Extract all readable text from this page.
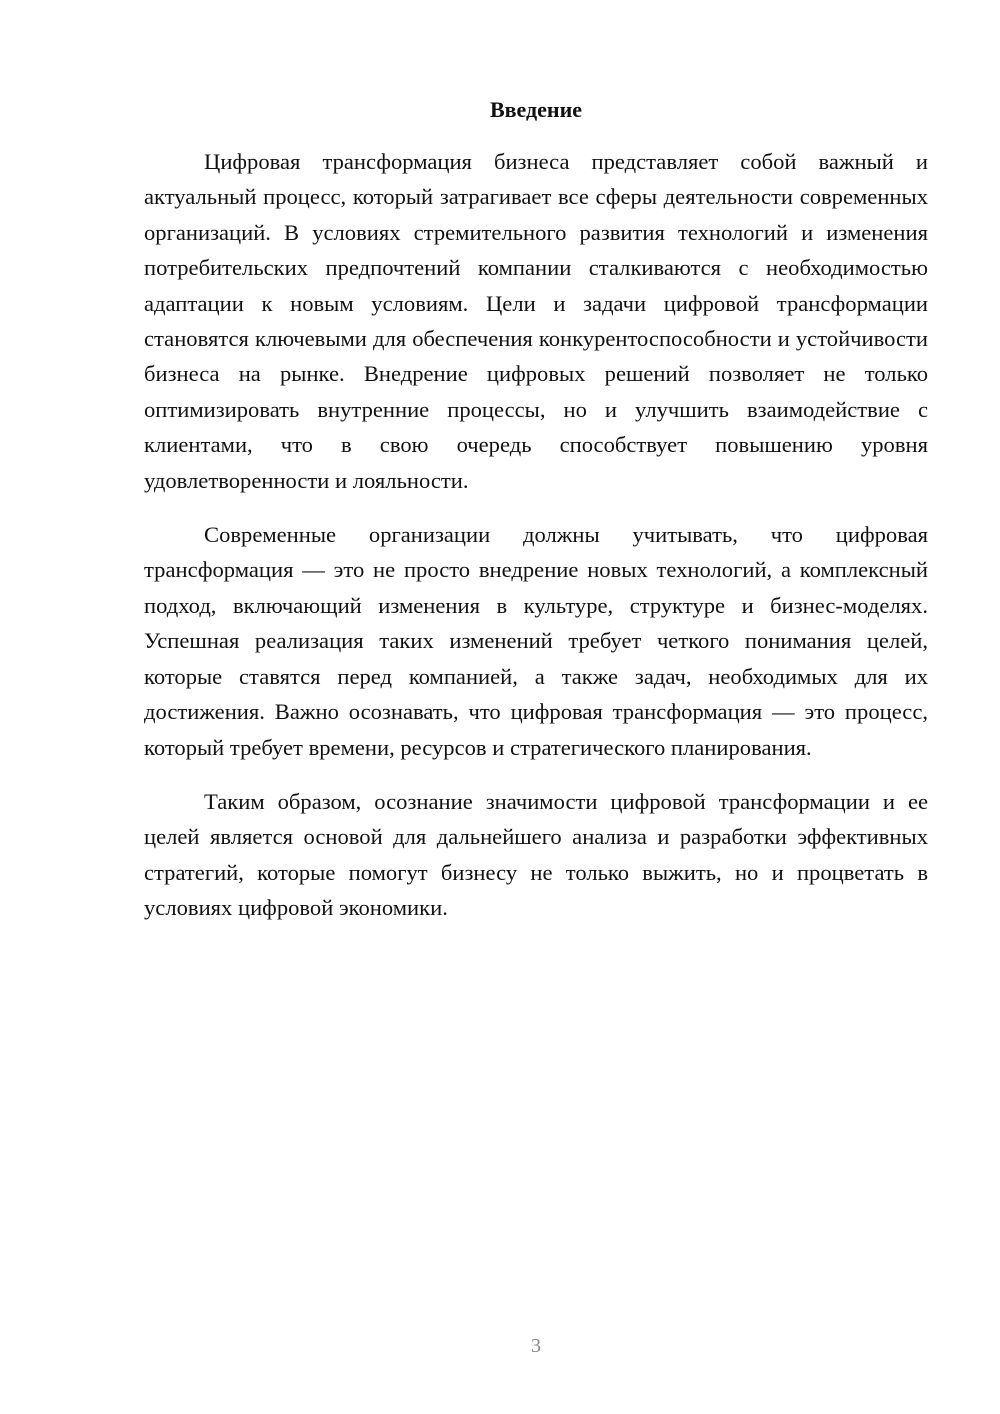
Введение

Цифровая трансформация бизнеса представляет собой важный и актуальный процесс, который затрагивает все сферы деятельности современных организаций. В условиях стремительного развития технологий и изменения потребительских предпочтений компании сталкиваются с необходимостью адаптации к новым условиям. Цели и задачи цифровой трансформации становятся ключевыми для обеспечения конкурентоспособности и устойчивости бизнеса на рынке. Внедрение цифровых решений позволяет не только оптимизировать внутренние процессы, но и улучшить взаимодействие с клиентами, что в свою очередь способствует повышению уровня удовлетворенности и лояльности.

Современные организации должны учитывать, что цифровая трансформация — это не просто внедрение новых технологий, а комплексный подход, включающий изменения в культуре, структуре и бизнес-моделях. Успешная реализация таких изменений требует четкого понимания целей, которые ставятся перед компанией, а также задач, необходимых для их достижения. Важно осознавать, что цифровая трансформация — это процесс, который требует времени, ресурсов и стратегического планирования.

Таким образом, осознание значимости цифровой трансформации и ее целей является основой для дальнейшего анализа и разработки эффективных стратегий, которые помогут бизнесу не только выжить, но и процветать в условиях цифровой экономики.

3
